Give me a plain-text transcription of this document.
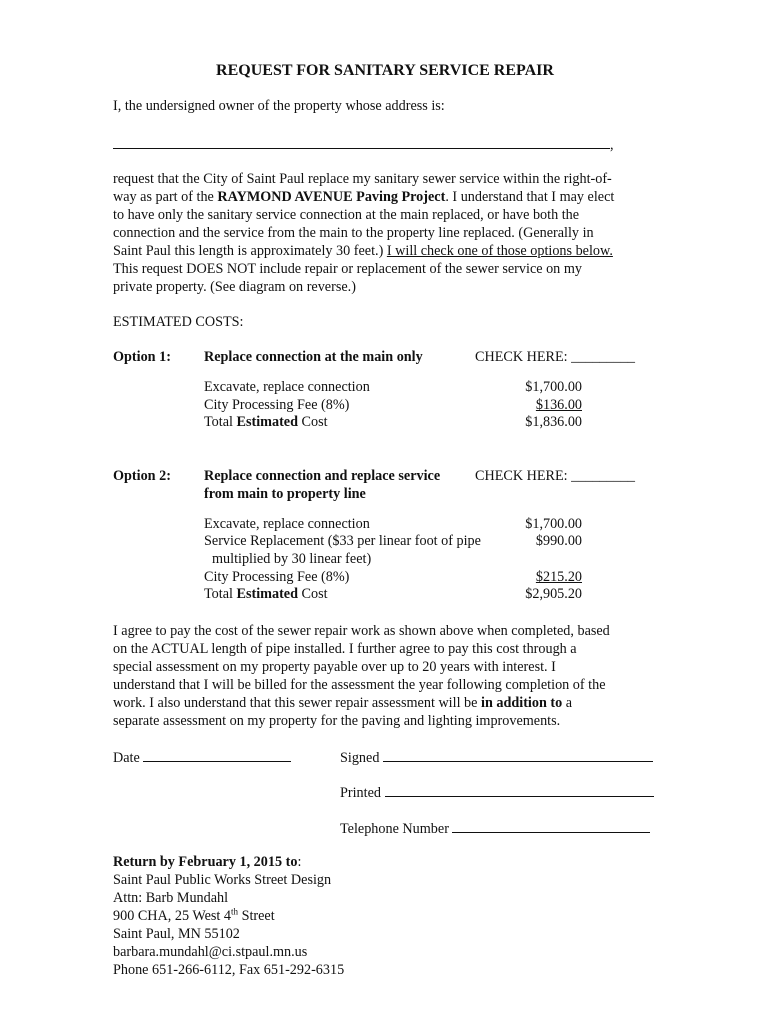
REQUEST FOR SANITARY SERVICE REPAIR
I, the undersigned owner of the property whose address is:
,
request that the City of Saint Paul replace my sanitary sewer service within the right-of-
way as part of the RAYMOND AVENUE Paving Project. I understand that I may elect
to have only the sanitary service connection at the main replaced, or have both the
connection and the service from the main to the property line replaced. (Generally in
Saint Paul this length is approximately 30 feet.) I will check one of those options below.
This request DOES NOT include repair or replacement of the sewer service on my
private property. (See diagram on reverse.)
ESTIMATED COSTS:
Option 1: Replace connection at the main only	CHECK HERE: _________
Excavate, replace connection	$1,700.00
City Processing Fee (8%)	$136.00
Total Estimated Cost	$1,836.00
Option 2: Replace connection and replace service
from main to property line
CHECK HERE: _________
Excavate, replace connection	$1,700.00
Service Replacement ($33 per linear foot of pipe
multiplied by 30 linear feet)
$990.00
City Processing Fee (8%)	$215.20
Total Estimated Cost	$2,905.20
I agree to pay the cost of the sewer repair work as shown above when completed, based
on the ACTUAL length of pipe installed. I further agree to pay this cost through a
special assessment on my property payable over up to 20 years with interest. I
understand that I will be billed for the assessment the year following completion of the
work. I also understand that this sewer repair assessment will be in addition to a
separate assessment on my property for the paving and lighting improvements.
Date	Signed
Printed
Telephone Number
Return by February 1, 2015 to:
Saint Paul Public Works Street Design
Attn: Barb Mundahl
900 CHA, 25 West 4th Street
Saint Paul, MN 55102
barbara.mundahl@ci.stpaul.mn.us
Phone 651-266-6112, Fax 651-292-6315
